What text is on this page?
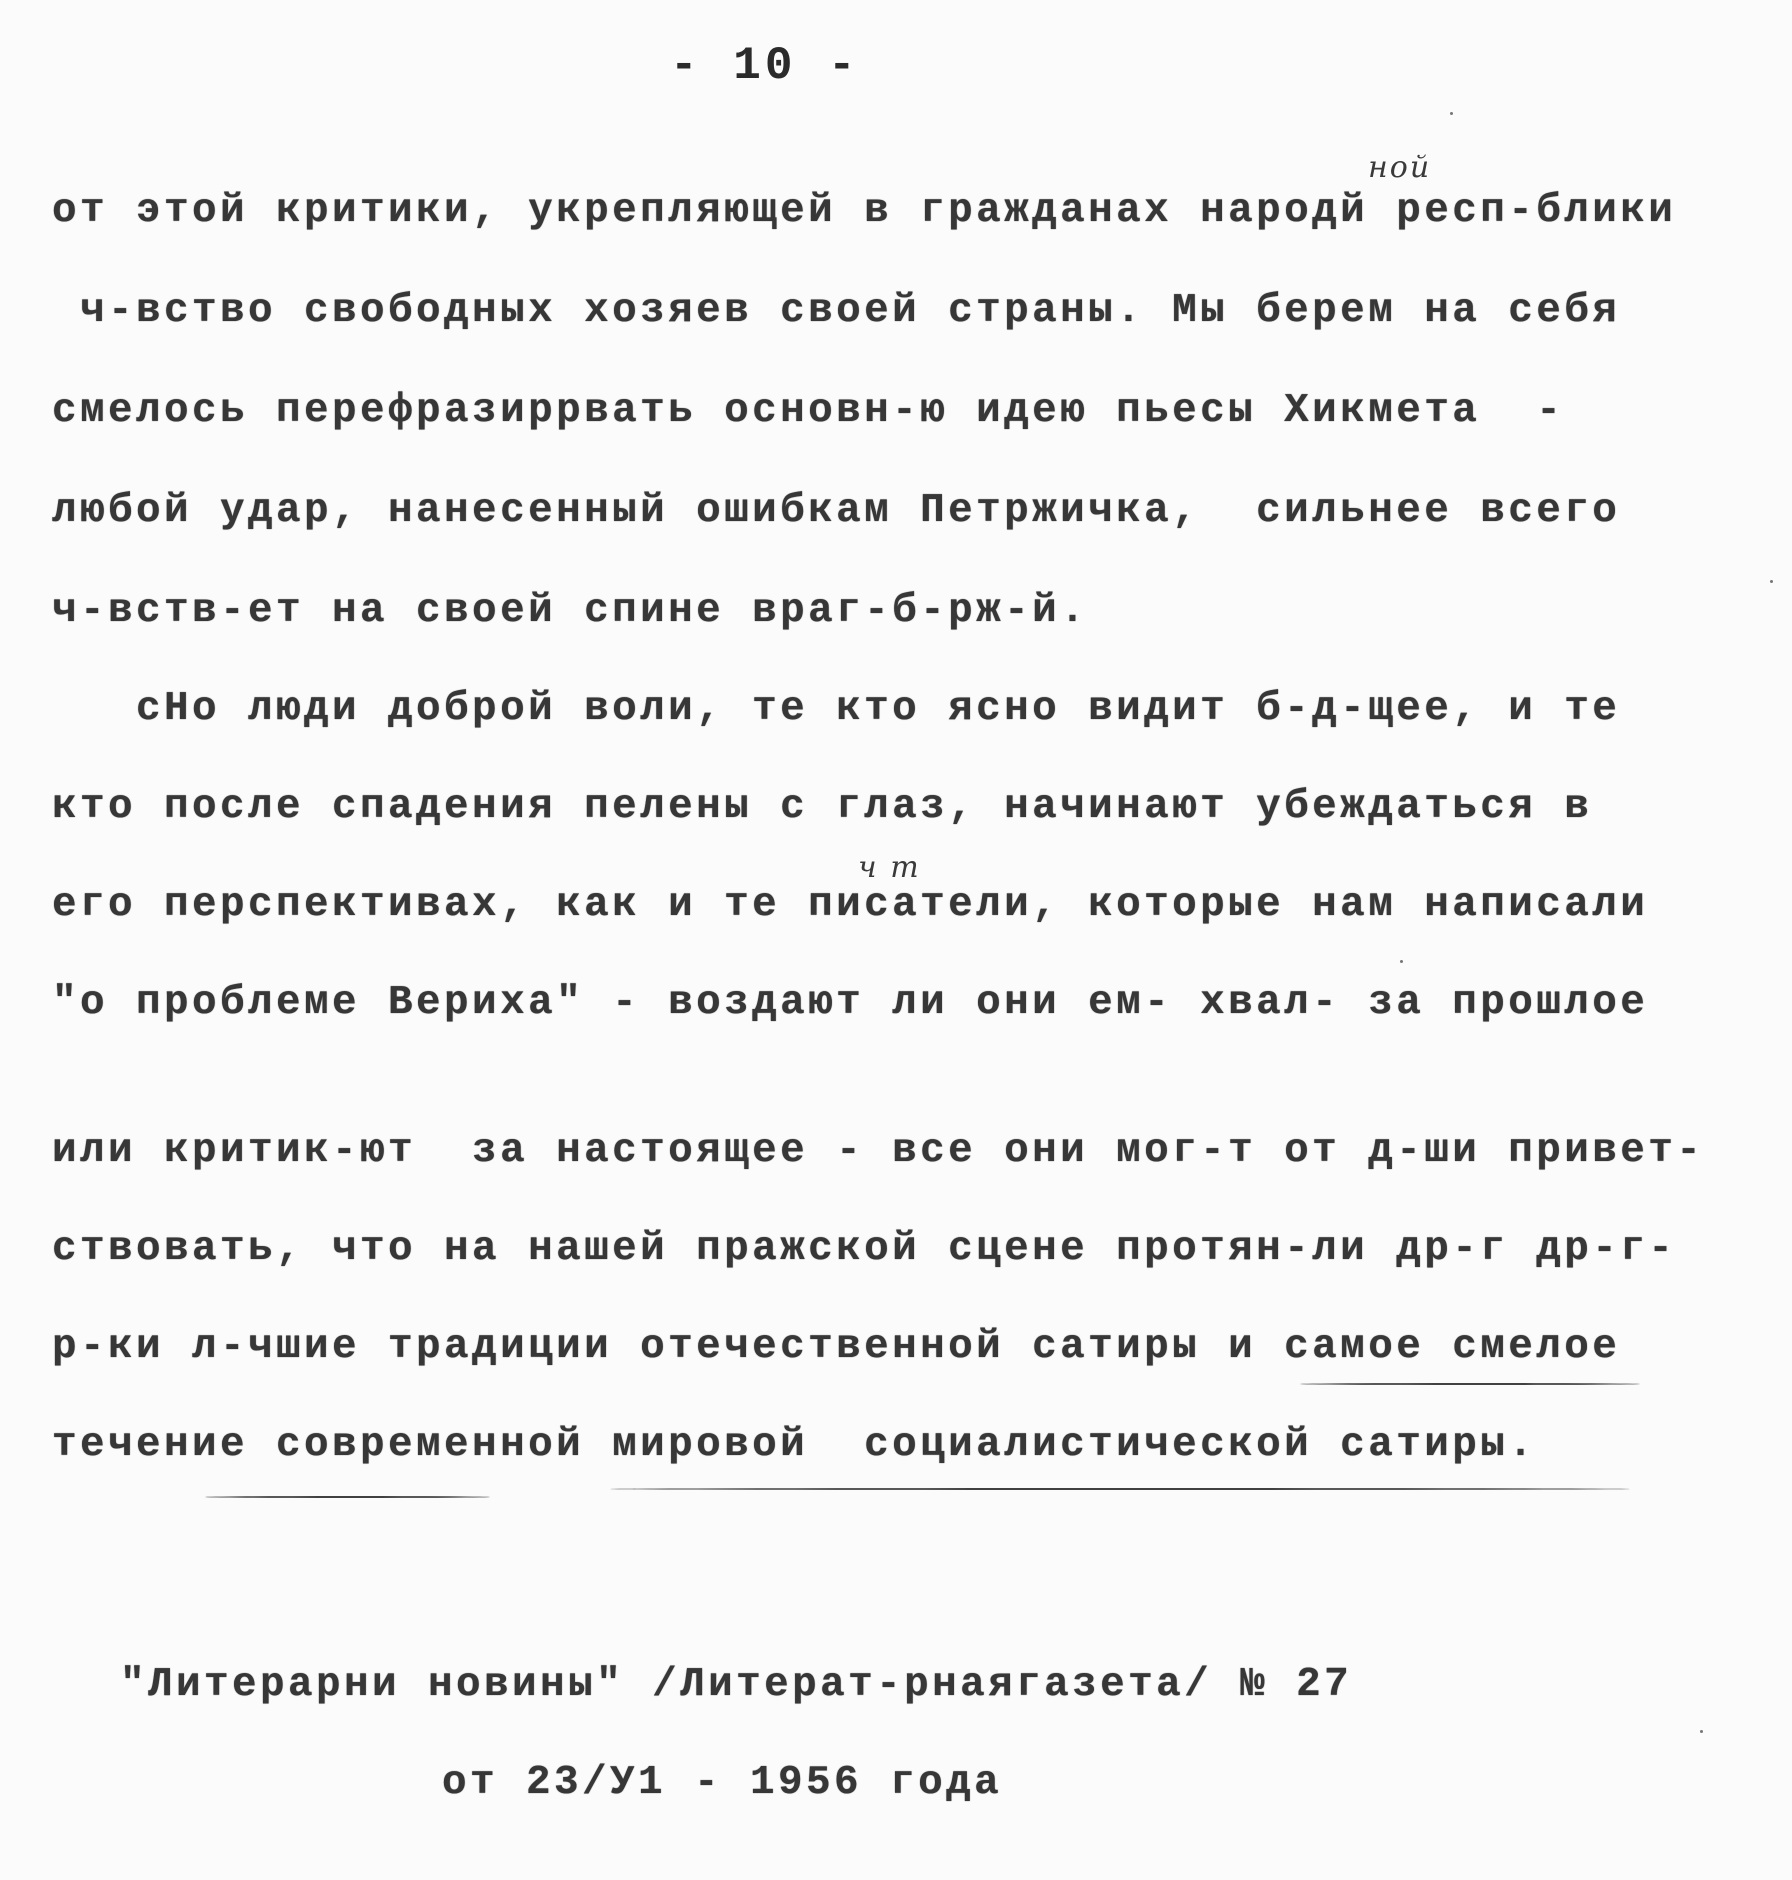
- 10 -
ной
от этой критики, укрепляющей в гражданах народй респ-блики
ч-вство свободных хозяев своей страны. Мы берем на себя
смелось перефразиррвать основн-ю идею пьесы Хикмета  -
любой удар, нанесенный ошибкам Петржичка,  сильнее всего
ч-вств-ет на своей спине враг-б-рж-й.
сНо люди доброй воли, те кто ясно видит б-д-щее, и те
кто после спадения пелены с глаз, начинают убеждаться в
ч т
его перспективах, как и те писатели, которые нам написали
"о проблеме Вериха" - воздают ли они ем- хвал- за прошлое
или критик-ют  за настоящее - все они мог-т от д-ши привет-
ствовать, что на нашей пражской сцене протян-ли др-г др-г-
р-ки л-чшие традиции отечественной сатиры и самое смелое
течение современной мировой  социалистической сатиры.
"Литерарни новины" /Литерат-рнаягазета/ № 27
от 23/У1 - 1956 года
